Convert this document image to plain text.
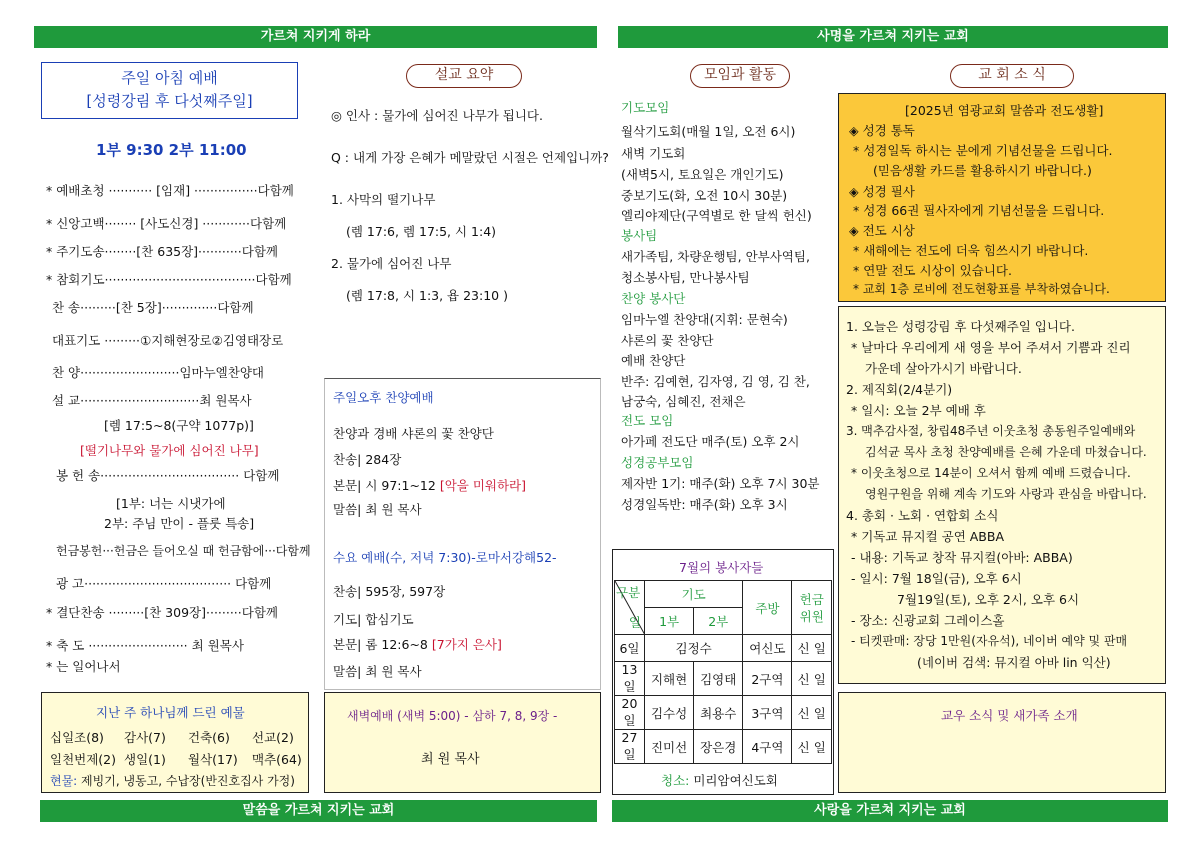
가르쳐 지키게 하라	사명을 가르쳐 지키는 교회
말씀을 가르쳐 지키는 교회	사랑을 가르쳐 지키는 교회
주일 아침 예배
[성령강림 후 다섯째주일]
1부 9:30 2부 11:00
* 예배초청 ··········· [임재] ················다함께
* 신앙고백········ [사도신경] ············다함께
* 주기도송········[찬 635장]···········다함께
* 참회기도······································다함께
찬 송·········[찬 5장]··············다함께
대표기도 ·········①지해현장로②김영태장로
찬 양·························임마누엘찬양대
설 교······························최 원목사
[렘 17:5~8(구약 1077p)]
[떨기나무와 물가에 심어진 나무]
봉 헌 송··································· 다함께
[1부: 너는 시냇가에
2부: 주님 만이 - 플룻 특송]
헌금봉헌···헌금은 들어오실 때 헌금함에···다함께
광 고····································· 다함께
* 결단찬송 ·········[찬 309장]·········다함께
* 축 도 ························· 최 원목사
* 는 일어나서
지난 주 하나님께 드린 예물
십일조(8) 감사(7) 건축(6) 선교(2)
일천번제(2) 생일(1) 월삭(17) 맥추(64)
현물: 제빙기, 냉동고, 수납장(반진호집사 가정)
설교 요약
◎ 인사 : 물가에 심어진 나무가 됩니다.
Q : 내게 가장 은혜가 메말랐던 시절은 언제입니까?
1. 사막의 떨기나무
(렘 17:6, 렘 17:5, 시 1:4)
2. 물가에 심어진 나무
(렘 17:8, 시 1:3, 욥 23:10 )
주일오후 찬양예배
찬양과 경배 샤론의 꽃 찬양단
찬송| 284장
본문| 시 97:1~12 [악을 미워하라]
말씀| 최 원 목사
수요 예배(수, 저녁 7:30)-로마서강해52-
찬송| 595장, 597장
기도| 합심기도
본문| 롬 12:6~8 [7가지 은사]
말씀| 최 원 목사
새벽예배 (새벽 5:00) - 삼하 7, 8, 9장 -
최 원 목사
모임과 활동
기도모임
월삭기도회(매월 1일, 오전 6시)
새벽 기도회
(새벽5시, 토요일은 개인기도)
중보기도(화, 오전 10시 30분)
엘리야제단(구역별로 한 달씩 헌신)
봉사팀
새가족팀, 차량운행팀, 안부사역팀,
청소봉사팀, 만나봉사팀
찬양 봉사단
임마누엘 찬양대(지휘: 문현숙)
샤론의 꽃 찬양단
예배 찬양단
반주: 김예현, 김자영, 김 영, 김 찬,
남궁숙, 심혜진, 전채은
전도 모임
아가페 전도단 매주(토) 오후 2시
성경공부모임
제자반 1기: 매주(화) 오후 7시 30분
성경일독반: 매주(화) 오후 3시
7월의 봉사자들
청소: 미리암여신도회
구분
일	기도		주방	헌금
위원
	1부	2부		
6일	김정수		여신도	신 일
13일	지해현	김영태	2구역	신 일
20일	김수성	최용수	3구역	신 일
27일	진미선	장은경	4구역	신 일
교 회 소 식
[2025년 염광교회 말씀과 전도생활]
◈ 성경 통독
* 성경일독 하시는 분에게 기념선물을 드립니다.
(믿음생활 카드를 활용하시기 바랍니다.)
◈ 성경 필사
* 성경 66권 필사자에게 기념선물을 드립니다.
◈ 전도 시상
* 새해에는 전도에 더욱 힘쓰시기 바랍니다.
* 연말 전도 시상이 있습니다.
* 교회 1층 로비에 전도현황표를 부착하였습니다.
1. 오늘은 성령강림 후 다섯째주일 입니다.
* 날마다 우리에게 새 영을 부어 주셔서 기쁨과 진리
가운데 살아가시기 바랍니다.
2. 제직회(2/4분기)
* 일시: 오늘 2부 예배 후
3. 맥추감사절, 창립48주년 이웃초청 총동원주일예배와
김석균 목사 초청 찬양예배를 은혜 가운데 마쳤습니다.
* 이웃초청으로 14분이 오셔서 함께 예배 드렸습니다.
영원구원을 위해 계속 기도와 사랑과 관심을 바랍니다.
4. 총회 · 노회 · 연합회 소식
* 기독교 뮤지컬 공연 ABBA
- 내용: 기독교 창작 뮤지컬(아바: ABBA)
- 일시: 7월 18일(금), 오후 6시
7월19일(토), 오후 2시, 오후 6시
- 장소: 신광교회 그레이스홀
- 티켓판매: 장당 1만원(자유석), 네이버 예약 및 판매
(네이버 검색: 뮤지컬 아바 lin 익산)
교우 소식 및 새가족 소개
